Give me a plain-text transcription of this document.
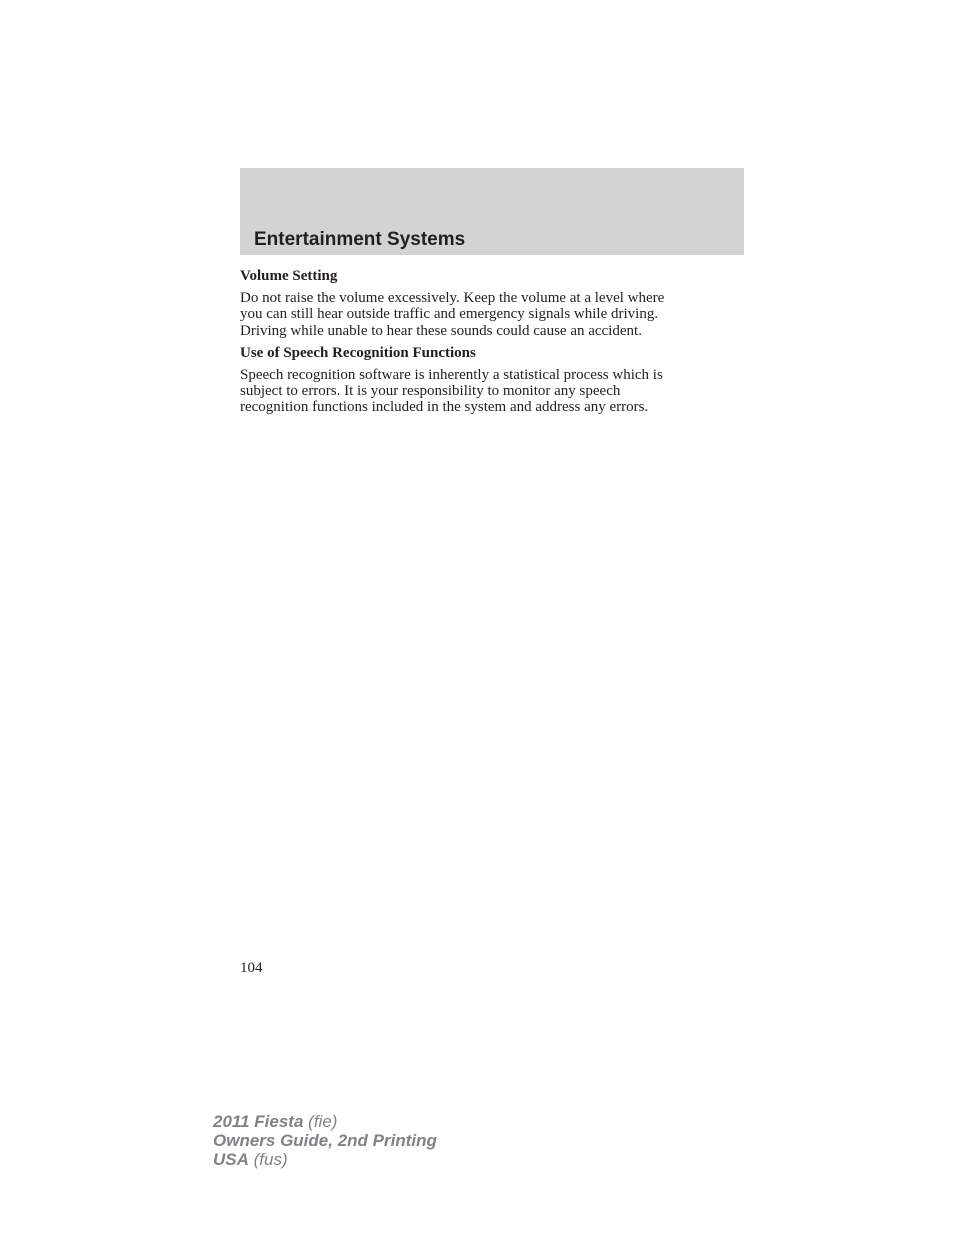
Entertainment Systems

Volume Setting

Do not raise the volume excessively. Keep the volume at a level where
you can still hear outside traffic and emergency signals while driving.
Driving while unable to hear these sounds could cause an accident.

Use of Speech Recognition Functions

Speech recognition software is inherently a statistical process which is
subject to errors. It is your responsibility to monitor any speech
recognition functions included in the system and address any errors.
104
2011 Fiesta (fie)
Owners Guide, 2nd Printing
USA (fus)
